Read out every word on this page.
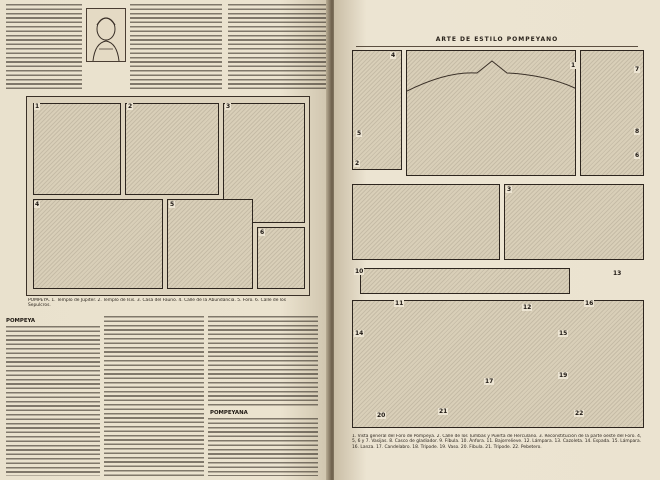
1	2	3
4	5
6
POMPEYA. 1. Templo de Júpiter. 2. Templo de Isis. 3. Casa del Fauno. 4. Calle de la Abundancia. 5. Foro. 6. Calle de los Sepulcros.
POMPEYA
POMPEYANA
ARTE DE ESTILO POMPEYANO
1
2
3
4
5
6
7
8
10
11
12
13
14	15
16
17
19
20
21	22
1. Vista general del Foro de Pompeya. 2. Calle de los Tumbas y Puerta de Herculano. 3. Reconstitución de la parte oeste del Foro. 4, 5, 6 y 7. Vasijas. 8. Casco de gladiador. 9. Fíbula. 10. Ánfora. 11. Bajorrelieve. 12. Lámpara. 13. Cazoleta. 14. Espada. 15. Lámpara. 16. Lanza. 17. Candelabro. 18. Trípode. 19. Vaso. 20. Fíbula. 21. Trípode. 22. Pebetero.
